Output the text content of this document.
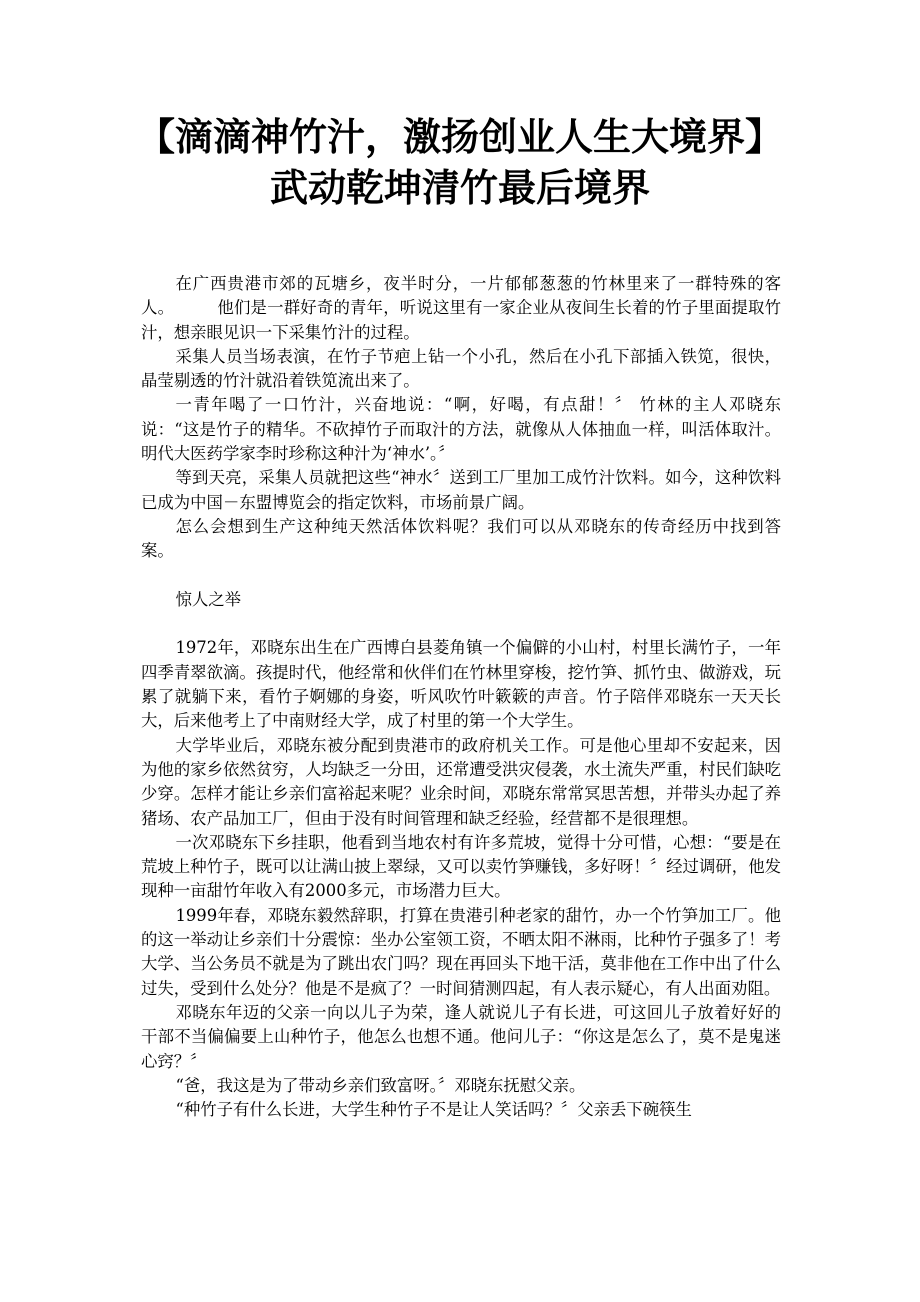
【滴滴神竹汁，激扬创业人生大境界】
武动乾坤清竹最后境界

在广西贵港市郊的瓦塘乡，夜半时分，一片郁郁葱葱的竹林里来了一群特殊的客人。        他们是一群好奇的青年，听说这里有一家企业从夜间生长着的竹子里面提取竹汁，想亲眼见识一下采集竹汁的过程。

采集人员当场表演，在竹子节疤上钻一个小孔，然后在小孔下部插入铁笕，很快，晶莹剔透的竹汁就沿着铁笕流出来了。

一青年喝了一口竹汁，兴奋地说：“啊，好喝，有点甜！〞 竹林的主人邓晓东说：“这是竹子的精华。不砍掉竹子而取汁的方法，就像从人体抽血一样，叫活体取汁。明代大医药学家李时珍称这种汁为‘神水’。〞

等到天亮，采集人员就把这些“神水〞送到工厂里加工成竹汁饮料。如今，这种饮料已成为中国－东盟博览会的指定饮料，市场前景广阔。

怎么会想到生产这种纯天然活体饮料呢？我们可以从邓晓东的传奇经历中找到答案。

惊人之举

1972年，邓晓东出生在广西博白县菱角镇一个偏僻的小山村，村里长满竹子，一年四季青翠欲滴。孩提时代，他经常和伙伴们在竹林里穿梭，挖竹笋、抓竹虫、做游戏，玩累了就躺下来，看竹子婀娜的身姿，听风吹竹叶簌簌的声音。竹子陪伴邓晓东一天天长大，后来他考上了中南财经大学，成了村里的第一个大学生。

大学毕业后，邓晓东被分配到贵港市的政府机关工作。可是他心里却不安起来，因为他的家乡依然贫穷，人均缺乏一分田，还常遭受洪灾侵袭，水土流失严重，村民们缺吃少穿。怎样才能让乡亲们富裕起来呢？业余时间，邓晓东常常冥思苦想，并带头办起了养猪场、农产品加工厂，但由于没有时间管理和缺乏经验，经营都不是很理想。

一次邓晓东下乡挂职，他看到当地农村有许多荒坡，觉得十分可惜，心想：“要是在荒坡上种竹子，既可以让满山披上翠绿，又可以卖竹笋赚钱，多好呀！〞经过调研，他发现种一亩甜竹年收入有2000多元，市场潜力巨大。

1999年春，邓晓东毅然辞职，打算在贵港引种老家的甜竹，办一个竹笋加工厂。他的这一举动让乡亲们十分震惊：坐办公室领工资，不晒太阳不淋雨，比种竹子强多了！考大学、当公务员不就是为了跳出农门吗？现在再回头下地干活，莫非他在工作中出了什么过失，受到什么处分？他是不是疯了？一时间猜测四起，有人表示疑心，有人出面劝阻。

邓晓东年迈的父亲一向以儿子为荣，逢人就说儿子有长进，可这回儿子放着好好的干部不当偏偏要上山种竹子，他怎么也想不通。他问儿子：“你这是怎么了，莫不是鬼迷心窍？〞

“爸，我这是为了带动乡亲们致富呀。〞邓晓东抚慰父亲。

“种竹子有什么长进，大学生种竹子不是让人笑话吗？〞父亲丢下碗筷生
